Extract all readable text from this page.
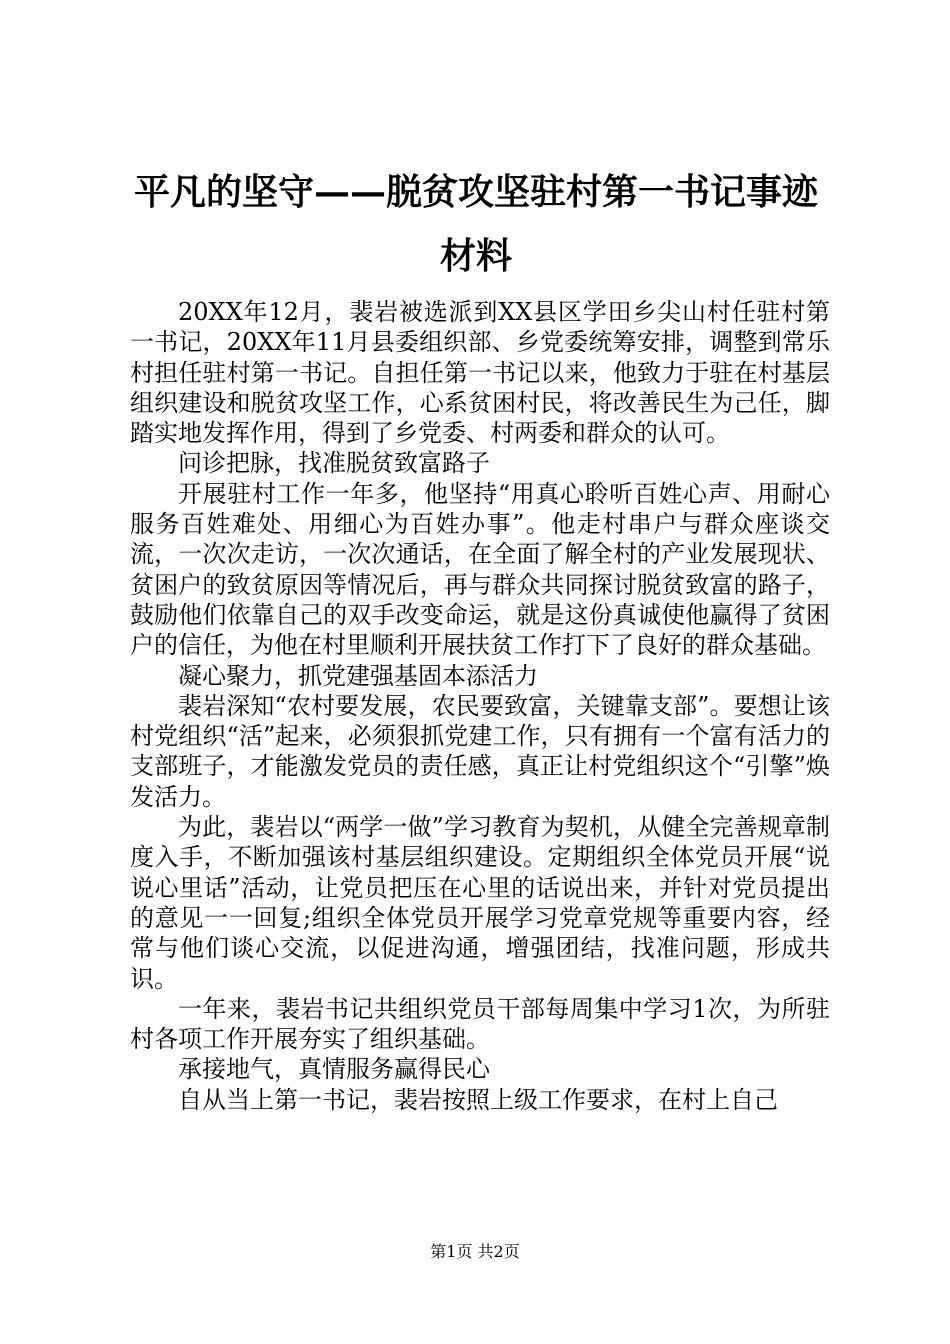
平凡的坚守——脱贫攻坚驻村第一书记事迹材料

20XX年12月，裴岩被选派到XX县区学田乡尖山村任驻村第一书记，20XX年11月县委组织部、乡党委统筹安排，调整到常乐村担任驻村第一书记。自担任第一书记以来，他致力于驻在村基层组织建设和脱贫攻坚工作，心系贫困村民，将改善民生为己任，脚踏实地发挥作用，得到了乡党委、村两委和群众的认可。

问诊把脉，找准脱贫致富路子

开展驻村工作一年多，他坚持“用真心聆听百姓心声、用耐心服务百姓难处、用细心为百姓办事”。他走村串户与群众座谈交流，一次次走访，一次次通话，在全面了解全村的产业发展现状、贫困户的致贫原因等情况后，再与群众共同探讨脱贫致富的路子，鼓励他们依靠自己的双手改变命运，就是这份真诚使他赢得了贫困户的信任，为他在村里顺利开展扶贫工作打下了良好的群众基础。

凝心聚力，抓党建强基固本添活力

裴岩深知“农村要发展，农民要致富，关键靠支部”。要想让该村党组织“活”起来，必须狠抓党建工作，只有拥有一个富有活力的支部班子，才能激发党员的责任感，真正让村党组织这个“引擎”焕发活力。

为此，裴岩以“两学一做”学习教育为契机，从健全完善规章制度入手，不断加强该村基层组织建设。定期组织全体党员开展“说说心里话”活动，让党员把压在心里的话说出来，并针对党员提出的意见一一回复;组织全体党员开展学习党章党规等重要内容，经常与他们谈心交流，以促进沟通，增强团结，找准问题，形成共识。

一年来，裴岩书记共组织党员干部每周集中学习1次，为所驻村各项工作开展夯实了组织基础。

承接地气，真情服务赢得民心

自从当上第一书记，裴岩按照上级工作要求，在村上自己

第1页 共2页
